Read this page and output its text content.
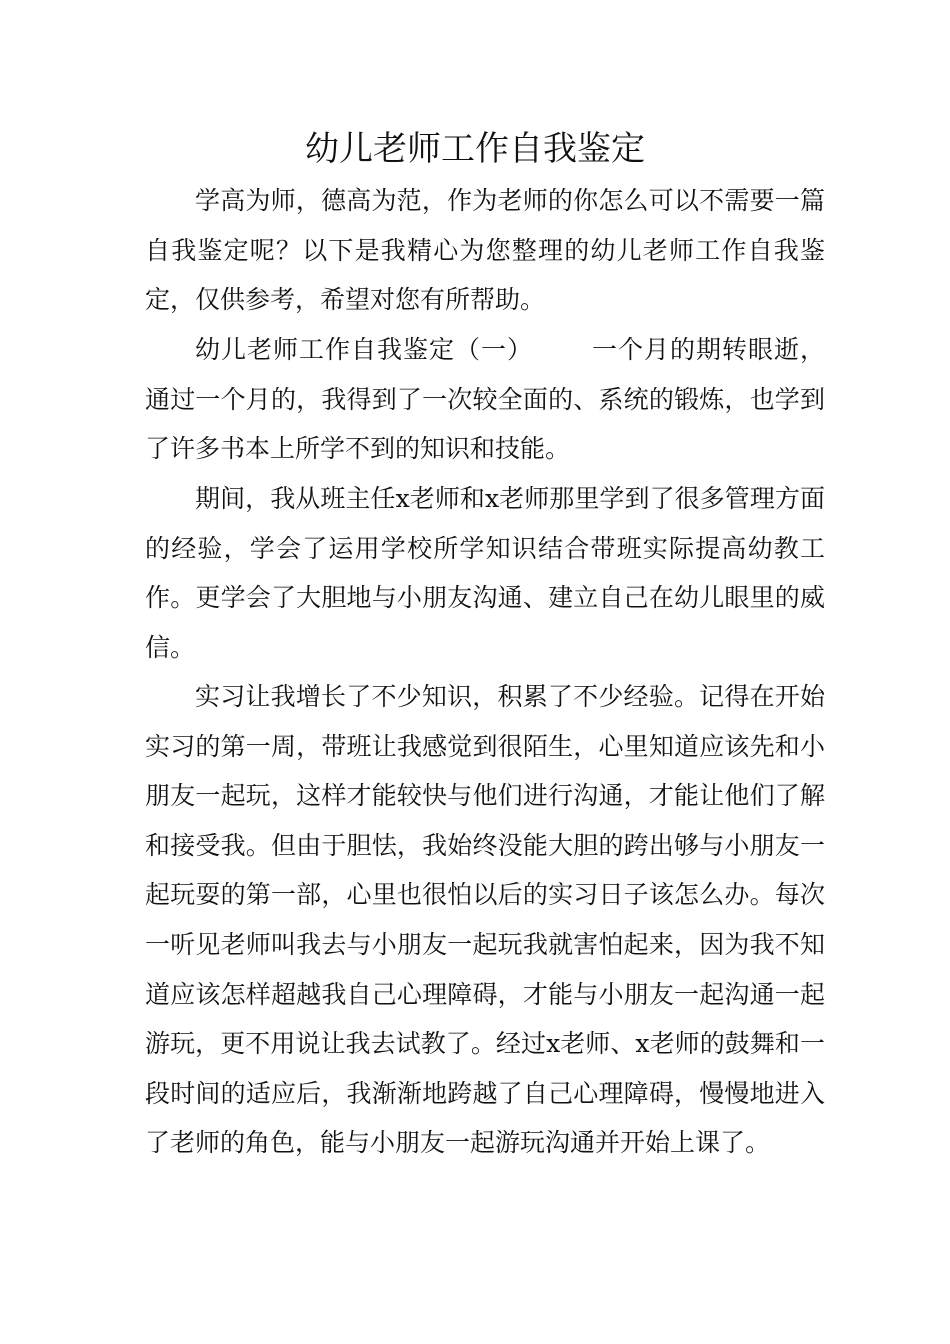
幼儿老师工作自我鉴定
学高为师，德高为范，作为老师的你怎么可以不需要一篇自我鉴定呢？以下是我精心为您整理的幼儿老师工作自我鉴定，仅供参考，希望对您有所帮助。
幼儿老师工作自我鉴定（一） 一个月的期转眼逝，通过一个月的，我得到了一次较全面的、系统的锻炼，也学到了许多书本上所学不到的知识和技能。
期间，我从班主任x老师和x老师那里学到了很多管理方面的经验，学会了运用学校所学知识结合带班实际提高幼教工作。更学会了大胆地与小朋友沟通、建立自己在幼儿眼里的威信。
实习让我增长了不少知识，积累了不少经验。记得在开始实习的第一周，带班让我感觉到很陌生，心里知道应该先和小朋友一起玩，这样才能较快与他们进行沟通，才能让他们了解和接受我。但由于胆怯，我始终没能大胆的跨出够与小朋友一起玩耍的第一部，心里也很怕以后的实习日子该怎么办。每次一听见老师叫我去与小朋友一起玩我就害怕起来，因为我不知道应该怎样超越我自己心理障碍，才能与小朋友一起沟通一起游玩，更不用说让我去试教了。经过x老师、x老师的鼓舞和一段时间的适应后，我渐渐地跨越了自己心理障碍，慢慢地进入了老师的角色，能与小朋友一起游玩沟通并开始上课了。
